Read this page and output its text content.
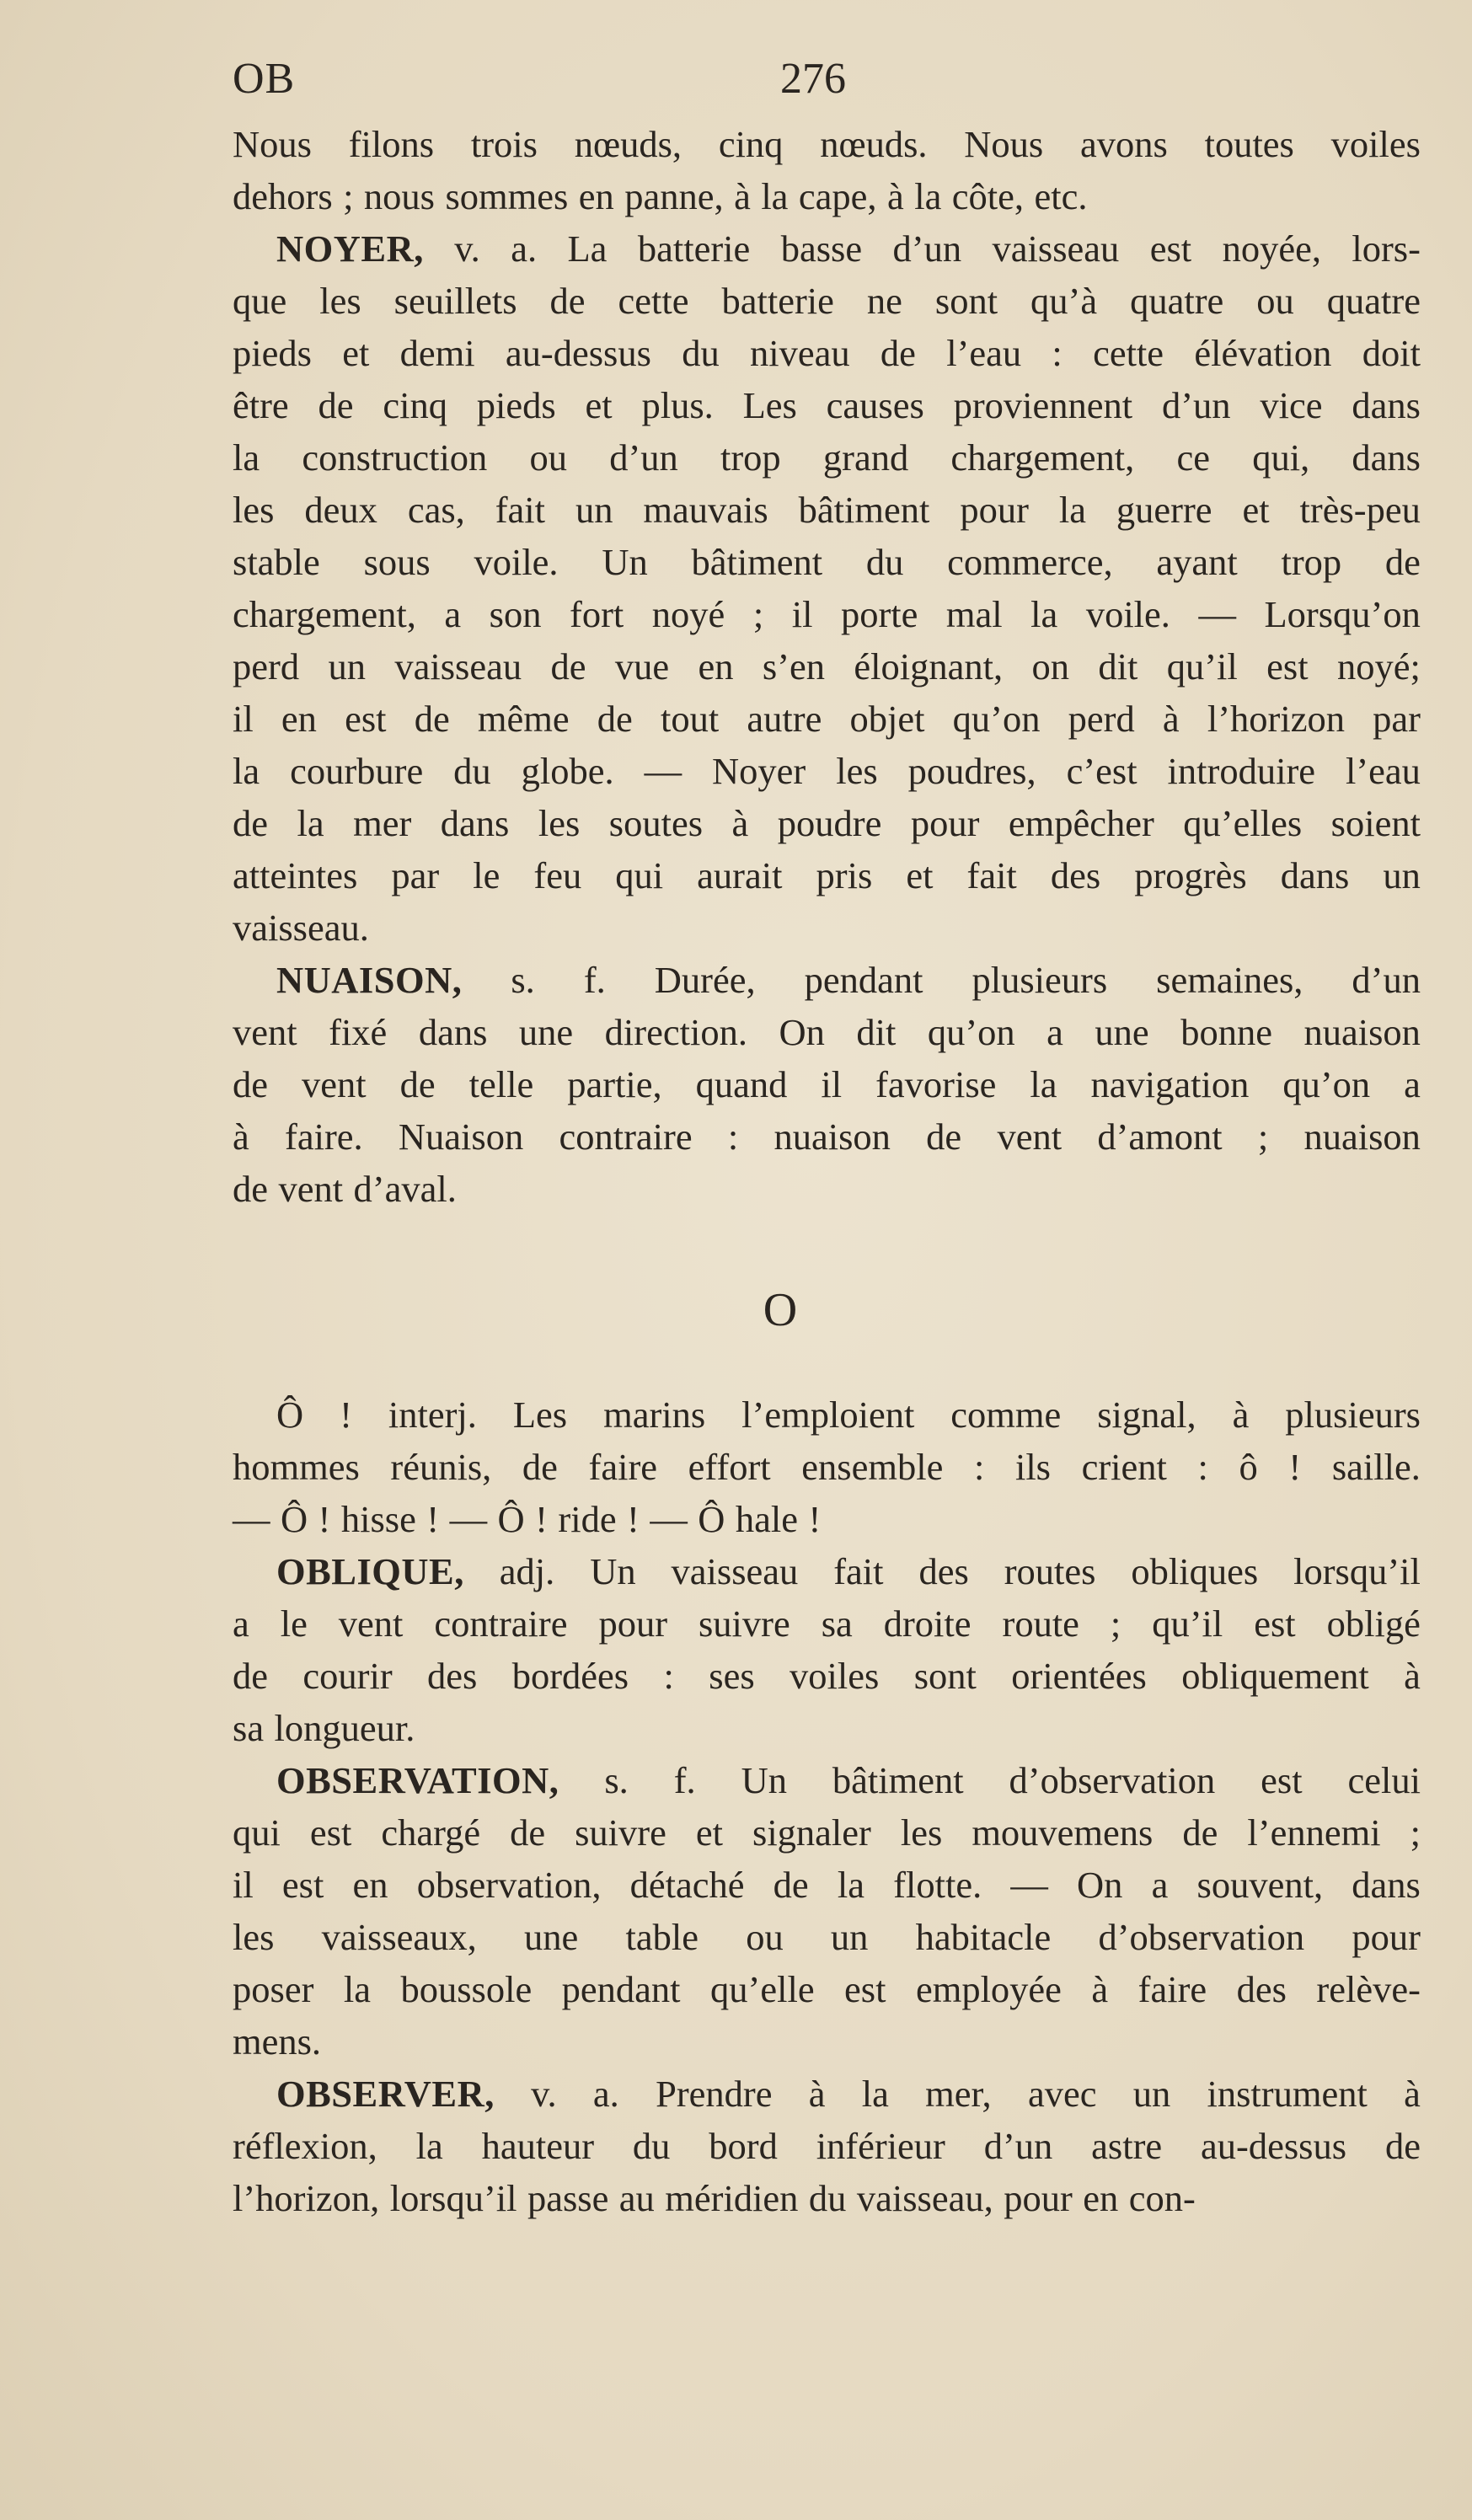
OB	276
Nous filons trois nœuds, cinq nœuds. Nous avons toutes voiles
dehors ; nous sommes en panne, à la cape, à la côte, etc.
NOYER, v. a. La batterie basse d’un vaisseau est noyée, lors-
que les seuillets de cette batterie ne sont qu’à quatre ou quatre
pieds et demi au-dessus du niveau de l’eau : cette élévation doit
être de cinq pieds et plus. Les causes proviennent d’un vice dans
la construction ou d’un trop grand chargement, ce qui, dans
les deux cas, fait un mauvais bâtiment pour la guerre et très-peu
stable sous voile. Un bâtiment du commerce, ayant trop de
chargement, a son fort noyé ; il porte mal la voile. — Lorsqu’on
perd un vaisseau de vue en s’en éloignant, on dit qu’il est noyé;
il en est de même de tout autre objet qu’on perd à l’horizon par
la courbure du globe. — Noyer les poudres, c’est introduire l’eau
de la mer dans les soutes à poudre pour empêcher qu’elles soient
atteintes par le feu qui aurait pris et fait des progrès dans un
vaisseau.
NUAISON, s. f. Durée, pendant plusieurs semaines, d’un
vent fixé dans une direction. On dit qu’on a une bonne nuaison
de vent de telle partie, quand il favorise la navigation qu’on a
à faire. Nuaison contraire : nuaison de vent d’amont ; nuaison
de vent d’aval.
O
Ô ! interj. Les marins l’emploient comme signal, à plusieurs
hommes réunis, de faire effort ensemble : ils crient : ô ! saille.
— Ô ! hisse ! — Ô ! ride ! — Ô hale !
OBLIQUE, adj. Un vaisseau fait des routes obliques lorsqu’il
a le vent contraire pour suivre sa droite route ; qu’il est obligé
de courir des bordées : ses voiles sont orientées obliquement à
sa longueur.
OBSERVATION, s. f. Un bâtiment d’observation est celui
qui est chargé de suivre et signaler les mouvemens de l’ennemi ;
il est en observation, détaché de la flotte. — On a souvent, dans
les vaisseaux, une table ou un habitacle d’observation pour
poser la boussole pendant qu’elle est employée à faire des relève-
mens.
OBSERVER, v. a. Prendre à la mer, avec un instrument à
réflexion, la hauteur du bord inférieur d’un astre au-dessus de
l’horizon, lorsqu’il passe au méridien du vaisseau, pour en con-
